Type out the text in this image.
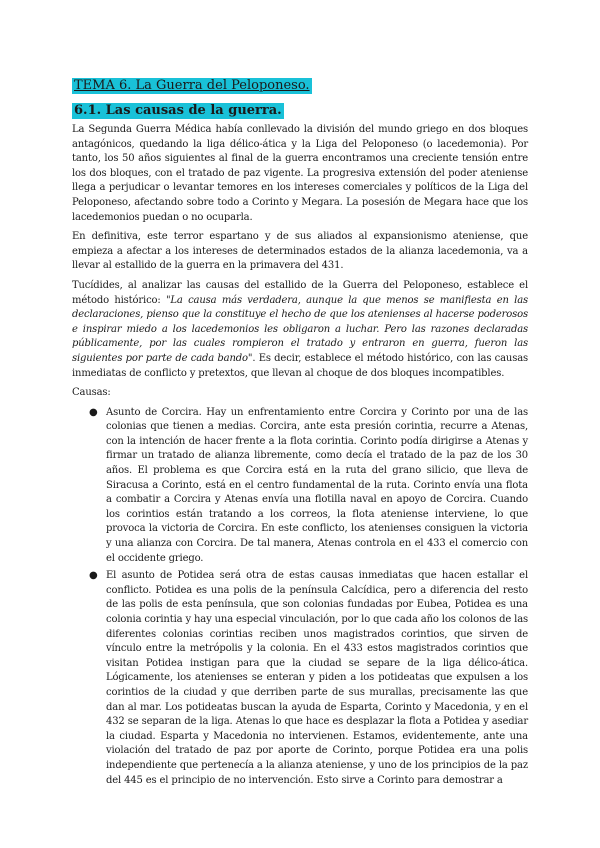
TEMA 6. La Guerra del Peloponeso.
6.1. Las causas de la guerra.

La Segunda Guerra Médica había conllevado la división del mundo griego en dos bloques antagónicos, quedando la liga délico-ática y la Liga del Peloponeso (o lacedemonia). Por tanto, los 50 años siguientes al final de la guerra encontramos una creciente tensión entre los dos bloques, con el tratado de paz vigente. La progresiva extensión del poder ateniense llega a perjudicar o levantar temores en los intereses comerciales y políticos de la Liga del Peloponeso, afectando sobre todo a Corinto y Megara. La posesión de Megara hace que los lacedemonios puedan o no ocuparla.

En definitiva, este terror espartano y de sus aliados al expansionismo ateniense, que empieza a afectar a los intereses de determinados estados de la alianza lacedemonia, va a llevar al estallido de la guerra en la primavera del 431.

Tucídides, al analizar las causas del estallido de la Guerra del Peloponeso, establece el método histórico: "La causa más verdadera, aunque la que menos se manifiesta en las declaraciones, pienso que la constituye el hecho de que los atenienses al hacerse poderosos e inspirar miedo a los lacedemonios les obligaron a luchar. Pero las razones declaradas públicamente, por las cuales rompieron el tratado y entraron en guerra, fueron las siguientes por parte de cada bando". Es decir, establece el método histórico, con las causas inmediatas de conflicto y pretextos, que llevan al choque de dos bloques incompatibles.

Causas:

● Asunto de Corcira. Hay un enfrentamiento entre Corcira y Corinto por una de las colonias que tienen a medias. Corcira, ante esta presión corintia, recurre a Atenas, con la intención de hacer frente a la flota corintia. Corinto podía dirigirse a Atenas y firmar un tratado de alianza libremente, como decía el tratado de la paz de los 30 años. El problema es que Corcira está en la ruta del grano silicio, que lleva de Siracusa a Corinto, está en el centro fundamental de la ruta. Corinto envía una flota a combatir a Corcira y Atenas envía una flotilla naval en apoyo de Corcira. Cuando los corintios están tratando a los correos, la flota ateniense interviene, lo que provoca la victoria de Corcira. En este conflicto, los atenienses consiguen la victoria y una alianza con Corcira. De tal manera, Atenas controla en el 433 el comercio con el occidente griego.
● El asunto de Potidea será otra de estas causas inmediatas que hacen estallar el conflicto. Potidea es una polis de la península Calcídica, pero a diferencia del resto de las polis de esta península, que son colonias fundadas por Eubea, Potidea es una colonia corintia y hay una especial vinculación, por lo que cada año los colonos de las diferentes colonias corintias reciben unos magistrados corintios, que sirven de vínculo entre la metrópolis y la colonia. En el 433 estos magistrados corintios que visitan Potidea instigan para que la ciudad se separe de la liga délico-ática. Lógicamente, los atenienses se enteran y piden a los potideatas que expulsen a los corintios de la ciudad y que derriben parte de sus murallas, precisamente las que dan al mar. Los potideatas buscan la ayuda de Esparta, Corinto y Macedonia, y en el 432 se separan de la liga. Atenas lo que hace es desplazar la flota a Potidea y asediar la ciudad. Esparta y Macedonia no intervienen. Estamos, evidentemente, ante una violación del tratado de paz por aporte de Corinto, porque Potidea era una polis independiente que pertenecía a la alianza ateniense, y uno de los principios de la paz del 445 es el principio de no intervención. Esto sirve a Corinto para demostrar a
